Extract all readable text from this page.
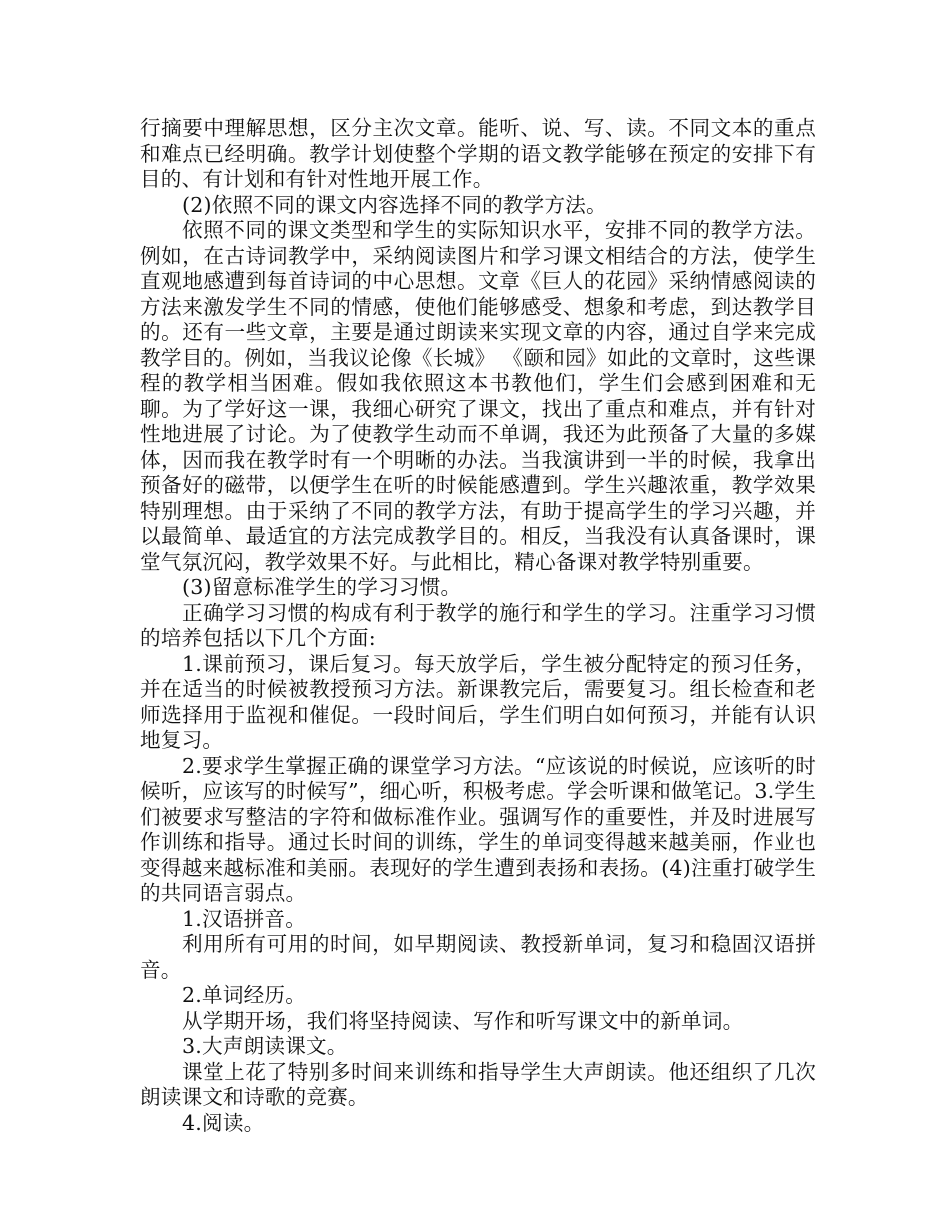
行摘要中理解思想，区分主次文章。能听、说、写、读。不同文本的重点和难点已经明确。教学计划使整个学期的语文教学能够在预定的安排下有目的、有计划和有针对性地开展工作。

(2)依照不同的课文内容选择不同的教学方法。

依照不同的课文类型和学生的实际知识水平，安排不同的教学方法。例如，在古诗词教学中，采纳阅读图片和学习课文相结合的方法，使学生直观地感遭到每首诗词的中心思想。文章《巨人的花园》采纳情感阅读的方法来激发学生不同的情感，使他们能够感受、想象和考虑，到达教学目的。还有一些文章，主要是通过朗读来实现文章的内容，通过自学来完成教学目的。例如，当我议论像《长城》 《颐和园》如此的文章时，这些课程的教学相当困难。假如我依照这本书教他们，学生们会感到困难和无聊。为了学好这一课，我细心研究了课文，找出了重点和难点，并有针对性地进展了讨论。为了使教学生动而不单调，我还为此预备了大量的多媒体，因而我在教学时有一个明晰的办法。当我演讲到一半的时候，我拿出预备好的磁带，以便学生在听的时候能感遭到。学生兴趣浓重，教学效果特别理想。由于采纳了不同的教学方法，有助于提高学生的学习兴趣，并以最简单、最适宜的方法完成教学目的。相反，当我没有认真备课时，课堂气氛沉闷，教学效果不好。与此相比，精心备课对教学特别重要。

(3)留意标准学生的学习习惯。

正确学习习惯的构成有利于教学的施行和学生的学习。注重学习习惯的培养包括以下几个方面:

1.课前预习，课后复习。每天放学后，学生被分配特定的预习任务，并在适当的时候被教授预习方法。新课教完后，需要复习。组长检查和老师选择用于监视和催促。一段时间后，学生们明白如何预习，并能有认识地复习。

2.要求学生掌握正确的课堂学习方法。“应该说的时候说，应该听的时候听，应该写的时候写”，细心听，积极考虑。学会听课和做笔记。3.学生们被要求写整洁的字符和做标准作业。强调写作的重要性，并及时进展写作训练和指导。通过长时间的训练，学生的单词变得越来越美丽，作业也变得越来越标准和美丽。表现好的学生遭到表扬和表扬。(4)注重打破学生的共同语言弱点。

1.汉语拼音。

利用所有可用的时间，如早期阅读、教授新单词，复习和稳固汉语拼音。

2.单词经历。

从学期开场，我们将坚持阅读、写作和听写课文中的新单词。

3.大声朗读课文。

课堂上花了特别多时间来训练和指导学生大声朗读。他还组织了几次朗读课文和诗歌的竞赛。

4.阅读。
